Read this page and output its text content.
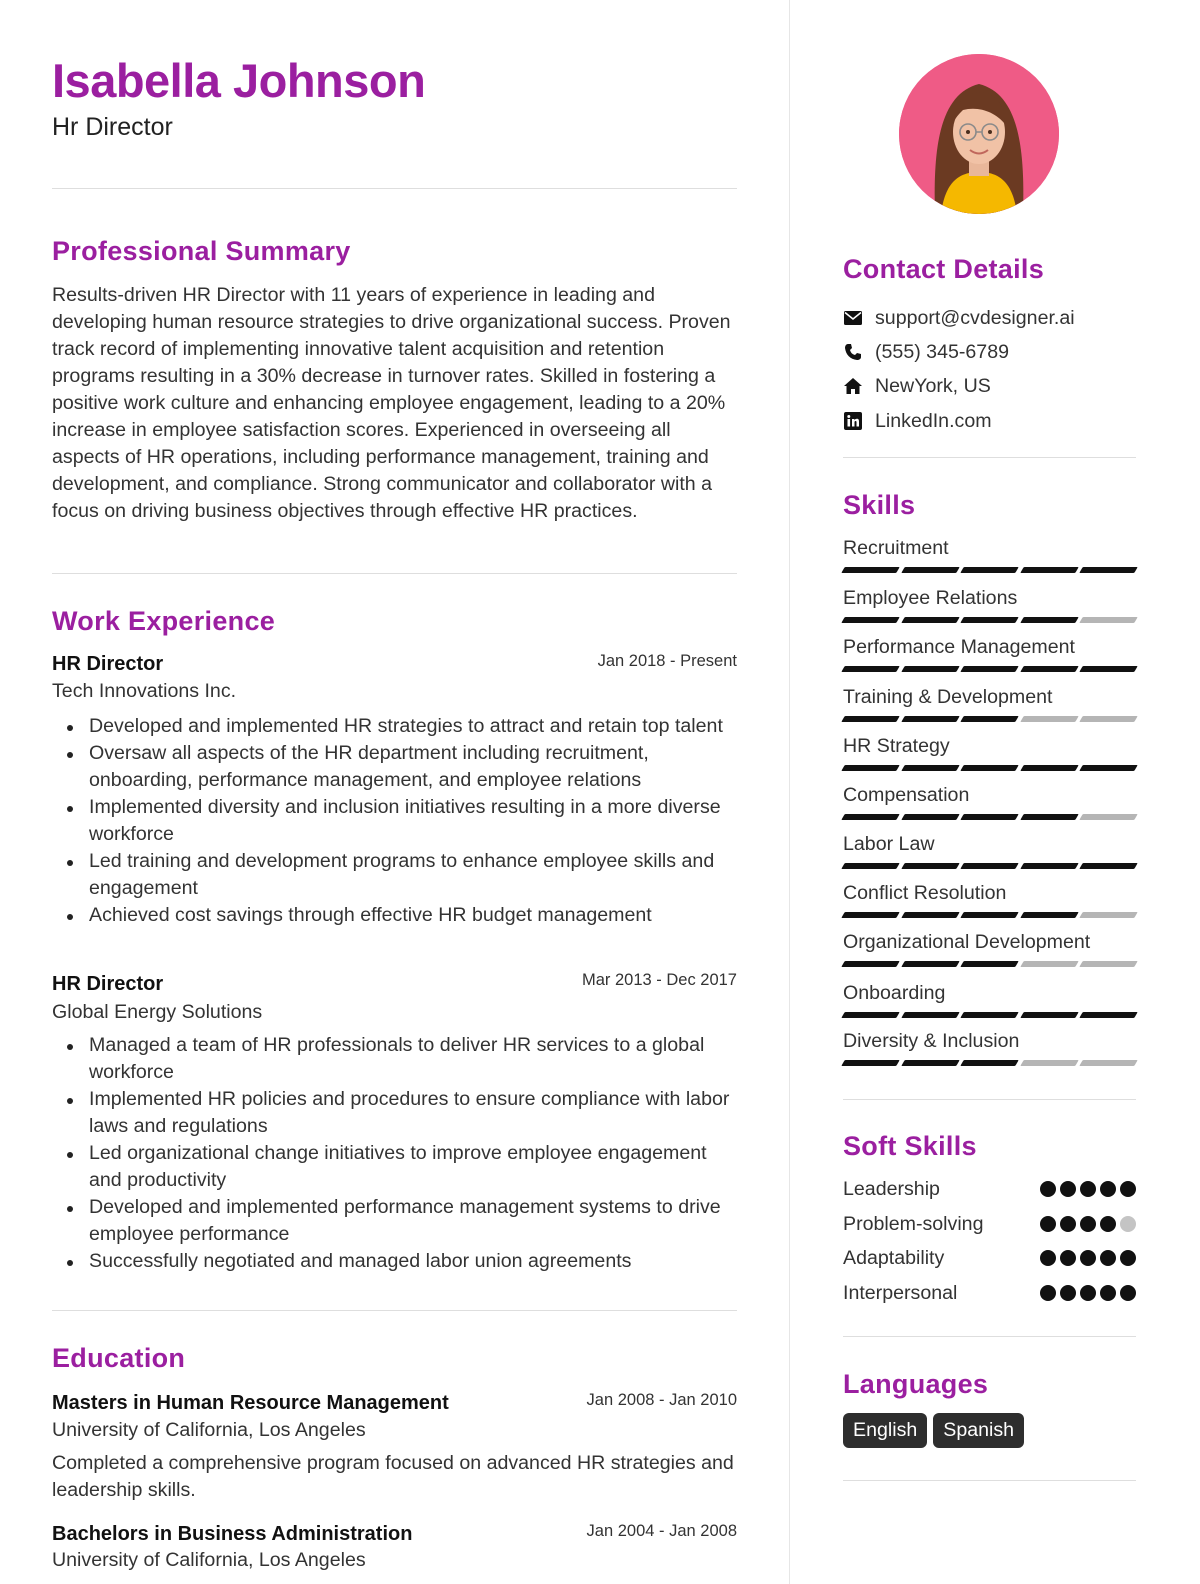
Isabella Johnson
Hr Director
Professional Summary
Results-driven HR Director with 11 years of experience in leading and developing human resource strategies to drive organizational success. Proven track record of implementing innovative talent acquisition and retention programs resulting in a 30% decrease in turnover rates. Skilled in fostering a positive work culture and enhancing employee engagement, leading to a 20% increase in employee satisfaction scores. Experienced in overseeing all aspects of HR operations, including performance management, training and development, and compliance. Strong communicator and collaborator with a focus on driving business objectives through effective HR practices.
Work Experience
HR Director	Jan 2018 - Present
Tech Innovations Inc.
Developed and implemented HR strategies to attract and retain top talent
Oversaw all aspects of the HR department including recruitment, onboarding, performance management, and employee relations
Implemented diversity and inclusion initiatives resulting in a more diverse workforce
Led training and development programs to enhance employee skills and engagement
Achieved cost savings through effective HR budget management
HR Director	Mar 2013 - Dec 2017
Global Energy Solutions
Managed a team of HR professionals to deliver HR services to a global workforce
Implemented HR policies and procedures to ensure compliance with labor laws and regulations
Led organizational change initiatives to improve employee engagement and productivity
Developed and implemented performance management systems to drive employee performance
Successfully negotiated and managed labor union agreements
Education
Masters in Human Resource Management	Jan 2008 - Jan 2010
University of California, Los Angeles
Completed a comprehensive program focused on advanced HR strategies and leadership skills.
Bachelors in Business Administration	Jan 2004 - Jan 2008
University of California, Los Angeles
Contact Details
support@cvdesigner.ai
(555) 345-6789
NewYork, US
LinkedIn.com
Skills
Recruitment
Employee Relations
Performance Management
Training & Development
HR Strategy
Compensation
Labor Law
Conflict Resolution
Organizational Development
Onboarding
Diversity & Inclusion
Soft Skills
Leadership
Problem-solving
Adaptability
Interpersonal
Languages
English	Spanish
